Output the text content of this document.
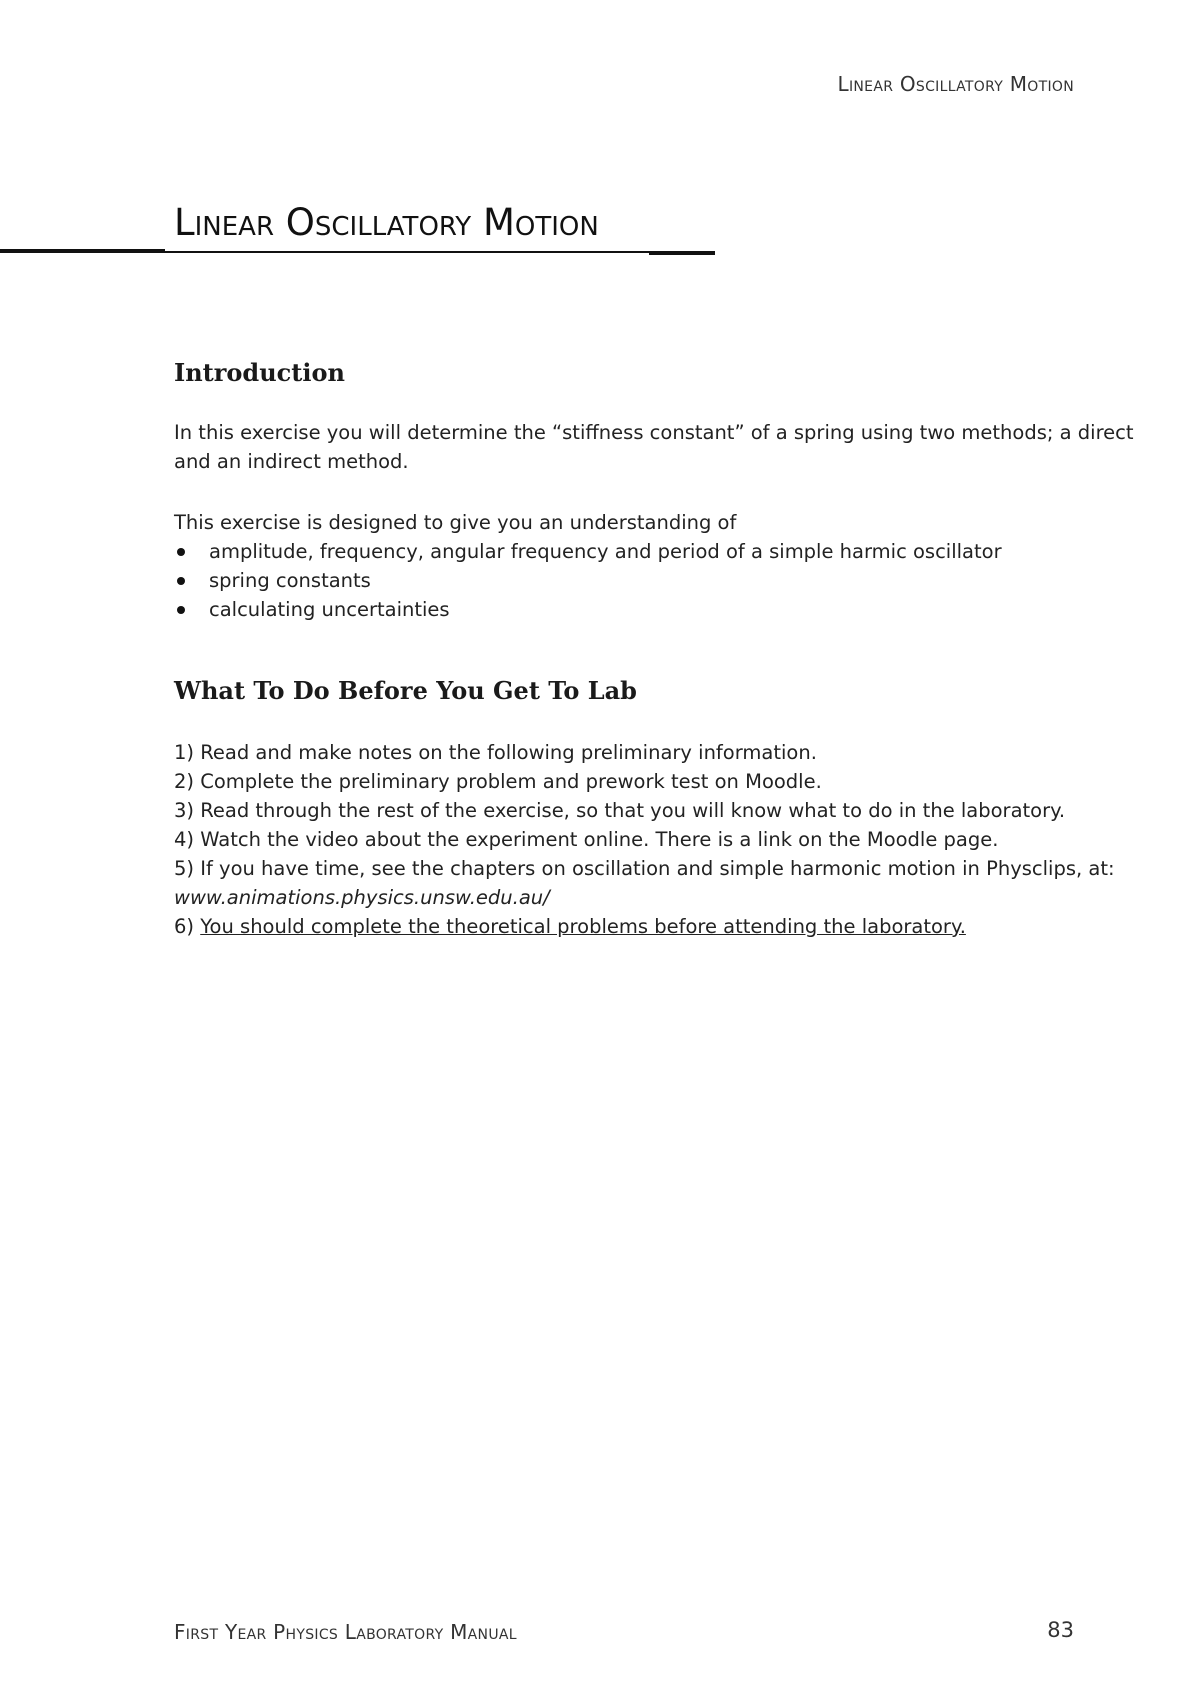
Linear Oscillatory Motion
Linear Oscillatory Motion
Introduction

In this exercise you will determine the “stiffness constant” of a spring using two methods; a direct and an indirect method.

This exercise is designed to give you an understanding of

amplitude, frequency, angular frequency and period of a simple harmic oscillator
spring constants
calculating uncertainties
What To Do Before You Get To Lab
1) Read and make notes on the following preliminary information.
2) Complete the preliminary problem and prework test on Moodle.
3) Read through the rest of the exercise, so that you will know what to do in the laboratory.
4) Watch the video about the experiment online. There is a link on the Moodle page.
5) If you have time, see the chapters on oscillation and simple harmonic motion in Physclips, at: www.animations.physics.unsw.edu.au/
6) You should complete the theoretical problems before attending the laboratory.
First Year Physics Laboratory Manual	83
